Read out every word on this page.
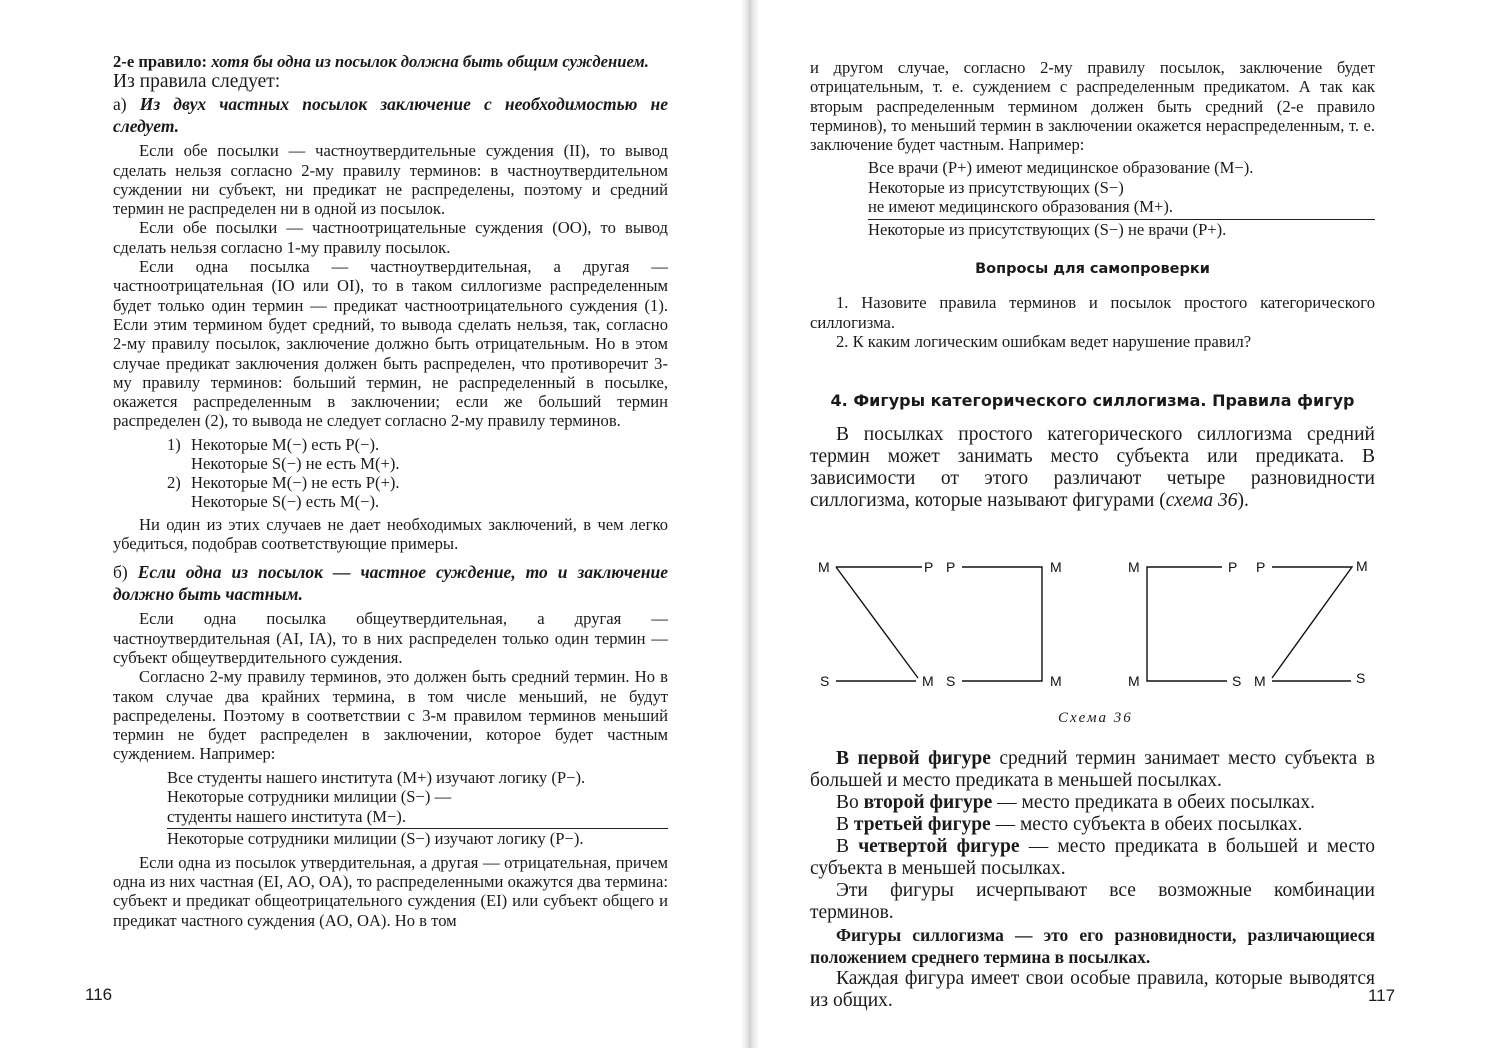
2-е правило: хотя бы одна из посылок должна быть общим суждением.

Из правила следует:

а) Из двух частных посылок заключение с необходимостью не следует.

Если обе посылки — частноутвердительные суждения (II), то вывод сделать нельзя согласно 2-му правилу терминов: в частноутвердительном суждении ни субъект, ни предикат не распределены, поэтому и средний термин не распределен ни в одной из посылок.

Если обе посылки — частноотрицательные суждения (ОО), то вывод сделать нельзя согласно 1-му правилу посылок.

Если одна посылка — частноутвердительная, а другая — частноотрицательная (IO или OI), то в таком силлогизме распределенным будет только один термин — предикат частноотрицательного суждения (1). Если этим термином будет средний, то вывода сделать нельзя, так, согласно 2-му правилу посылок, заключение должно быть отрицательным. Но в этом случае предикат заключения должен быть распределен, что противоречит 3-му правилу терминов: больший термин, не распределенный в посылке, окажется распределенным в заключении; если же больший термин распределен (2), то вывода не следует согласно 2-му правилу терминов.

1) Некоторые M(−) есть P(−).
Некоторые S(−) не есть M(+).
2) Некоторые M(−) не есть P(+).
Некоторые S(−) есть M(−).

Ни один из этих случаев не дает необходимых заключений, в чем легко убедиться, подобрав соответствующие примеры.

б) Если одна из посылок — частное суждение, то и заключение должно быть частным.

Если одна посылка общеутвердительная, а другая — частноутвердительная (AI, IA), то в них распределен только один термин — субъект общеутвердительного суждения.

Согласно 2-му правилу терминов, это должен быть средний термин. Но в таком случае два крайних термина, в том числе меньший, не будут распределены. Поэтому в соответствии с 3-м правилом терминов меньший термин не будет распределен в заключении, которое будет частным суждением. Например:

Все студенты нашего института (M+) изучают логику (P−).
Некоторые сотрудники милиции (S−) —
студенты нашего института (M−).
Некоторые сотрудники милиции (S−) изучают логику (P−).

Если одна из посылок утвердительная, а другая — отрицательная, причем одна из них частная (EI, AO, OA), то распределенными окажутся два термина: субъект и предикат общеотрицательного суждения (EI) или субъект общего и предикат частного суждения (AO, OA). Но в том

116

и другом случае, согласно 2-му правилу посылок, заключение будет отрицательным, т. е. суждением с распределенным предикатом. А так как вторым распределенным термином должен быть средний (2-е правило терминов), то меньший термин в заключении окажется нераспределенным, т. е. заключение будет частным. Например:

Все врачи (P+) имеют медицинское образование (M−).
Некоторые из присутствующих (S−)
не имеют медицинского образования (M+).
Некоторые из присутствующих (S−) не врачи (P+).

Вопросы для самопроверки

1. Назовите правила терминов и посылок простого категорического силлогизма.

2. К каким логическим ошибкам ведет нарушение правил?

4. Фигуры категорического силлогизма. Правила фигур

В посылках простого категорического силлогизма средний термин может занимать место субъекта или предиката. В зависимости от этого различают четыре разновидности силлогизма, которые называют фигурами (схема 36).

M	P
S	M
P	M
S	M
M	P
M	S
P	M
M	S
Схема 36

В первой фигуре средний термин занимает место субъекта в большей и место предиката в меньшей посылках.

Во второй фигуре — место предиката в обеих посылках.

В третьей фигуре — место субъекта в обеих посылках.

В четвертой фигуре — место предиката в большей и место субъекта в меньшей посылках.

Эти фигуры исчерпывают все возможные комбинации терминов.

Фигуры силлогизма — это его разновидности, различающиеся положением среднего термина в посылках.

Каждая фигура имеет свои особые правила, которые выводятся из общих.	117
